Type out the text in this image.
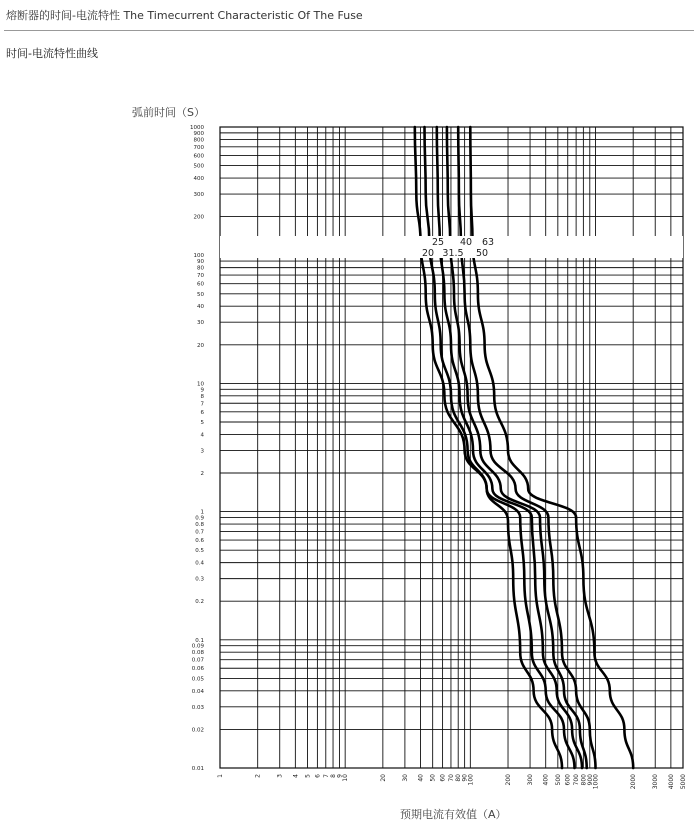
熔断器的时间-电流特性 The Timecurrent Characteristic Of The Fuse
时间-电流特性曲线
弧前时间（S）
预期电流有效值（A）
1	2	3 4 5 6 7 8 9
10	20	30 40 50 60 70 80 90
100	200	300 400 500 600 700 800 900
1000	2000	3000 4000 5000
0.01
0.02
0.03
0.04
0.05
0.06
0.07
0.08
0.09
0.1
0.2
0.3
0.4
0.5
0.6
0.7
0.8
0.9
1
2
3
4
5
6
7
8
9
10
20
30
40
50
60
70
80
90
100
200
300
400
500
600
700
800
900
1000
25 40 63
20 31.5 50
